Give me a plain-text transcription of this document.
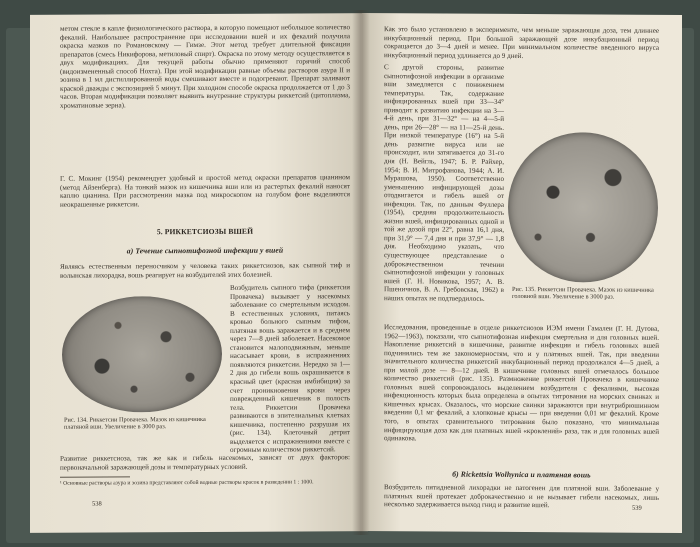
метом стекле в капле физиологического раствора, в которую помещают небольшое количество фекалий. Наибольшее распространение при исследовании вшей и их фекалий получила окраска мазков по Романовскому — Гимзе. Этот метод требует длительной фиксации препаратов (смесь Никифорова, метиловый спирт). Окраска по этому методу осуществляется в двух модификациях. Для текущей работы обычно применяют горячий способ (видоизмененный способ Нохта). При этой модификации равные объемы растворов азура II и эозина в 1 мл дистиллированной воды смешивают вместе и подогревают. Препарат заливают краской дважды с экспозицией 5 минут. При холодном способе окраска продолжается от 1 до 3 часов. Вторая модификация позволяет выявить внутренние структуры риккетсий (цитоплазма, хроматиновые зерна).
Г. С. Мокинг (1954) рекомендует удобный и простой метод окраски препаратов цианином (метод Айзенберга). На тонкий мазок из кишечника вши или из растертых фекалий наносят каплю цианина. При рассмотрении мазка под микроскопом на голубом фоне выделяются неокрашенные риккетсии.
5. РИККЕТСИОЗЫ ВШЕЙ
а) Течение сыпнотифозной инфекции у вшей
Являясь естественным переносчиком у человека таких риккетсиозов, как сыпной тиф и волынская лихорадка, вошь реагирует на возбудителей этих болезней.
Рис. 134. Риккетсии Провачека. Мазок из кишечника платяной вши. Увеличение в 3000 раз.
Возбудитель сыпного тифа (риккетсия Провачека) вызывает у насекомых заболевание со смертельным исходом. В естественных условиях, питаясь кровью больного сыпным тифом, платяная вошь заражается и в среднем через 7—8 дней заболевает. Насекомое становится малоподвижным, меньше насасывает крови, в испражнениях появляются риккетсии. Нередко за 1—2 дня до гибели вошь окрашивается в красный цвет (красная имбибиция) за счет проникновения крови через поврежденный кишечник в полость тела. Риккетсии Провачека развиваются в эпителиальных клетках кишечника, постепенно разрушая их (рис. 134). Клеточный детрит выделяется с испражнениями вместе с огромным количеством риккетсий.
Развитие риккетсиоза, так же как и гибель насекомых, зависят от двух факторов: первоначальной заражающей дозы и температурных условий.
¹ Основные растворы азура и эозина представляют собой водные растворы красок в разведении 1 : 1000.
538
Как это было установлено в эксперименте, чем меньше заражающая доза, тем длиннее инкубационный период. При большой заражающей дозе инкубационный период сокращается до 3—4 дней и менее. При минимальном количестве введенного вируса инкубационный период удлиняется до 9 дней.
С другой стороны, развитие сыпнотифозной инфекции в организме вши замедляется с понижением температуры. Так, содержание инфицированных вшей при 33—34° приводит к развитию инфекции на 3—4-й день, при 31—32° — на 4—5-й день, при 26—28° — на 11—25-й день. При низкой температуре (16°) на 5-й день развитие вируса или не происходит, или затягивается до 31-го дня (Н. Вейгль, 1947; Б. Р. Райхер, 1954; В. И. Митрофанова, 1944; А. И. Мурашова, 1950). Соответственно уменьшению инфицирующей дозы отодвигается и гибель вшей от инфекции. Так, по данным Фуллера (1954), средняя продолжительность жизни вшей, инфицированных одной и той же дозой при 22°, равна 16,1 дня, при 31,9° — 7,4 дня и при 37,9° — 1,8 дня. Необходимо указать, что существующее представление о доброкачественном течении сыпнотифозной инфекции у головных вшей (Г. Н. Новикова, 1957; А. В. Пшеничнов, В. А. Гребовская, 1962) в наших опытах не подтвердилось.
Рис. 135. Риккетсии Провачека. Мазок из кишечника головной вши. Увеличение в 3000 раз.
Исследования, проведенные в отделе риккетсиозов ИЭМ имени Гамалеи (Г. Н. Дутова, 1962—1963), показали, что сыпнотифозная инфекция смертельна и для головных вшей. Накопление риккетсий в кишечнике, развитие инфекции и гибель головных вшей подчинялись тем же закономерностям, что и у платяных вшей. Так, при введении значительного количества риккетсий инкубационный период продолжался 4—5 дней, а при малой дозе — 8—12 дней. В кишечнике головных вшей отмечалось большое количество риккетсий (рис. 135). Размножение риккетсий Провачека в кишечнике головных вшей сопровождалось выделением возбудителя с фекалиями, высокая инфекционность которых была определена в опытах титрования на морских свинках и кишечных крысах. Оказалось, что морские свинки заражаются при внутрибрюшинном введении 0,1 мг фекалий, а хлопковые крысы — при введении 0,01 мг фекалий. Кроме того, в опытах сравнительного титрования было показано, что минимальная инфицирующая доза как для платяных вшей «кровлений» раза, так и для головных вшей одинакова.
б) Rickettsia Wolhynica и платяная вошь
Возбудитель пятидневной лихорадки не патогенен для платяной вши. Заболевание у платяных вшей протекает доброкачественно и не вызывает гибели насекомых, лишь несколько задерживается выход гнид и развитие вшей.	539
